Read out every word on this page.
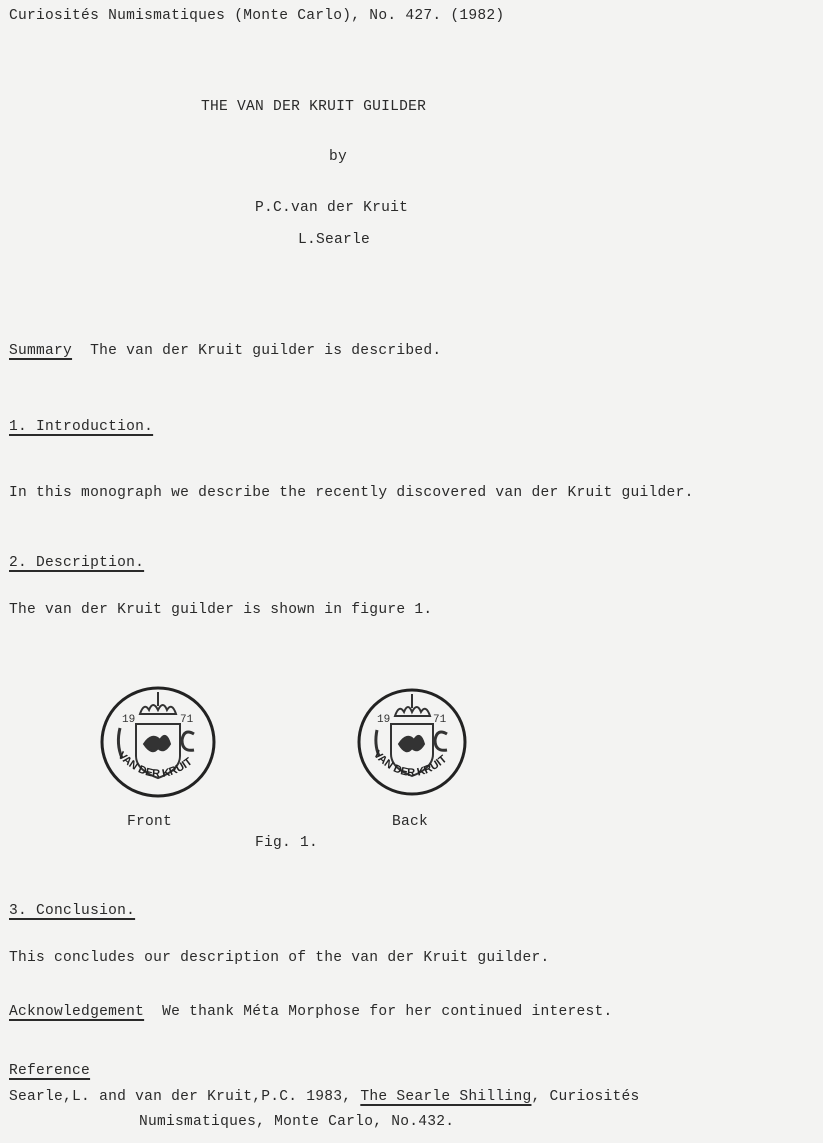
Curiosités Numismatiques (Monte Carlo), No. 427. (1982)
THE VAN DER KRUIT GUILDER
by
P.C.van der Kruit
L.Searle
Summary The van der Kruit guilder is described.
1. Introduction.
In this monograph we describe the recently discovered van der Kruit guilder.
2. Description.
The van der Kruit guilder is shown in figure 1.
19	71
VAN DER KRUIT
19	71
VAN DER KRUIT
Front	Back
Fig. 1.
3. Conclusion.
This concludes our description of the van der Kruit guilder.
Acknowledgement We thank Méta Morphose for her continued interest.
Reference
Searle,L. and van der Kruit,P.C. 1983, The Searle Shilling, Curiosités
Numismatiques, Monte Carlo, No.432.
